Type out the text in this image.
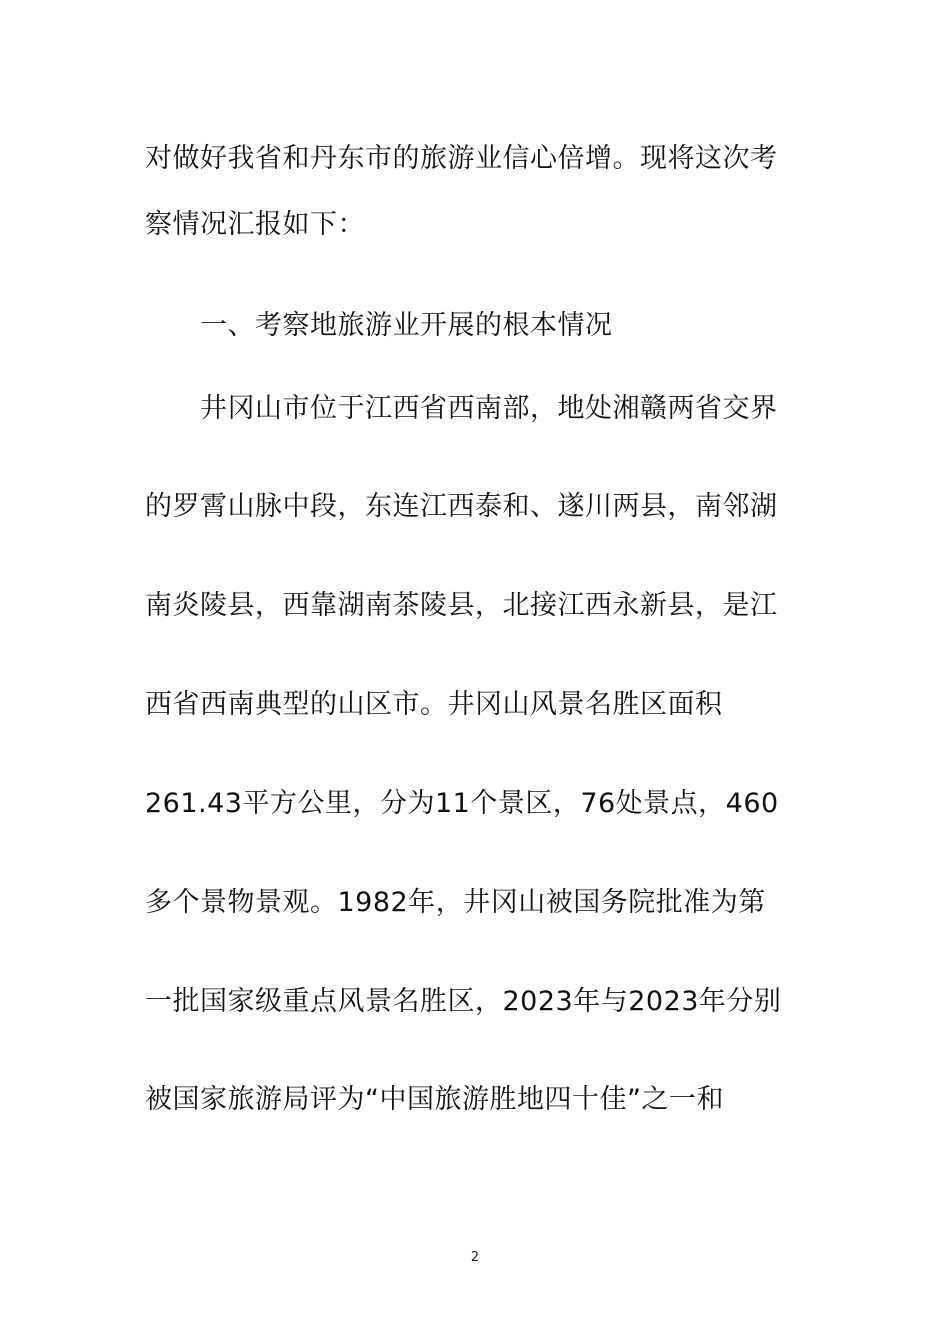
对做好我省和丹东市的旅游业信心倍增。现将这次考
察情况汇报如下：
一、考察地旅游业开展的根本情况
井冈山市位于江西省西南部，地处湘赣两省交界
的罗霄山脉中段，东连江西泰和、遂川两县，南邻湖
南炎陵县，西靠湖南茶陵县，北接江西永新县，是江
西省西南典型的山区市。井冈山风景名胜区面积
261.43平方公里，分为11个景区，76处景点，460
多个景物景观。1982年，井冈山被国务院批准为第
一批国家级重点风景名胜区，2023年与2023年分别
被国家旅游局评为“中国旅游胜地四十佳”之一和
2
